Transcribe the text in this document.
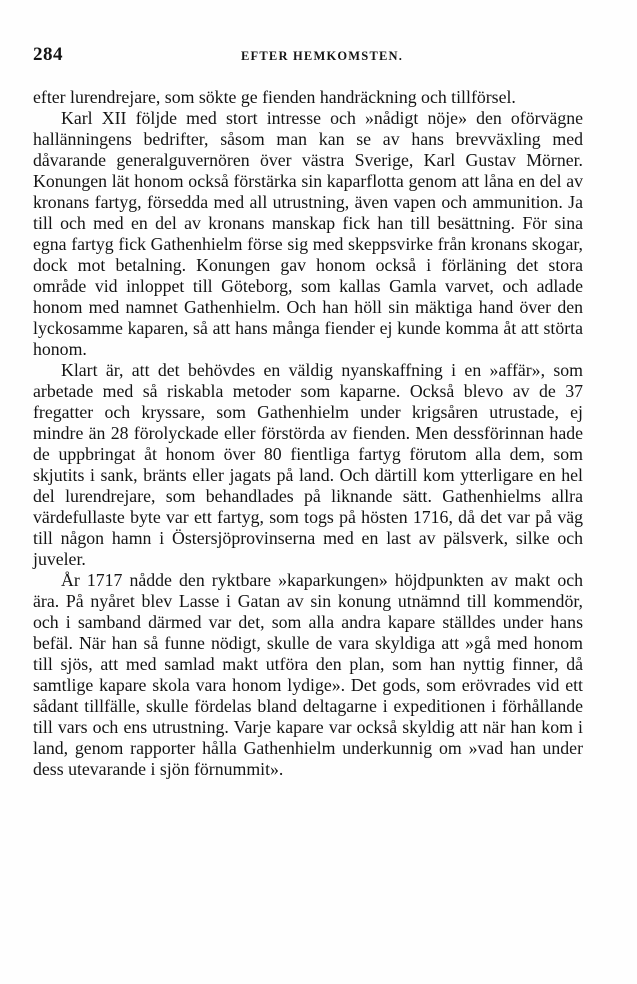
284	EFTER HEMKOMSTEN.

efter lurendrejare, som sökte ge fienden handräckning och tillförsel.

Karl XII följde med stort intresse och »nådigt nöje» den oförvägne hallänningens bedrifter, såsom man kan se av hans brevväxling med dåvarande generalguvernören över västra Sverige, Karl Gustav Mörner. Konungen lät honom också förstärka sin kaparflotta genom att låna en del av kronans fartyg, försedda med all utrustning, även vapen och ammunition. Ja till och med en del av kronans manskap fick han till besättning. För sina egna fartyg fick Gathenhielm förse sig med skeppsvirke från kronans skogar, dock mot betalning. Konungen gav honom också i förläning det stora område vid inloppet till Göteborg, som kallas Gamla varvet, och adlade honom med namnet Gathenhielm. Och han höll sin mäktiga hand över den lyckosamme kaparen, så att hans många fiender ej kunde komma åt att störta honom.

Klart är, att det behövdes en väldig nyanskaffning i en »affär», som arbetade med så riskabla metoder som kaparne. Också blevo av de 37 fregatter och kryssare, som Gathenhielm under krigsåren utrustade, ej mindre än 28 förolyckade eller förstörda av fienden. Men dessförinnan hade de uppbringat åt honom över 80 fientliga fartyg förutom alla dem, som skjutits i sank, bränts eller jagats på land. Och därtill kom ytterligare en hel del lurendrejare, som behandlades på liknande sätt. Gathenhielms allra värdefullaste byte var ett fartyg, som togs på hösten 1716, då det var på väg till någon hamn i Östersjöprovinserna med en last av pälsverk, silke och juveler.

År 1717 nådde den ryktbare »kaparkungen» höjdpunkten av makt och ära. På nyåret blev Lasse i Gatan av sin konung utnämnd till kommendör, och i samband därmed var det, som alla andra kapare ställdes under hans befäl. När han så funne nödigt, skulle de vara skyldiga att »gå med honom till sjös, att med samlad makt utföra den plan, som han nyttig finner, då samtlige kapare skola vara honom lydige». Det gods, som erövrades vid ett sådant tillfälle, skulle fördelas bland deltagarne i expeditionen i förhållande till vars och ens utrustning. Varje kapare var också skyldig att när han kom i land, genom rapporter hålla Gathenhielm underkunnig om »vad han under dess utevarande i sjön förnummit».
